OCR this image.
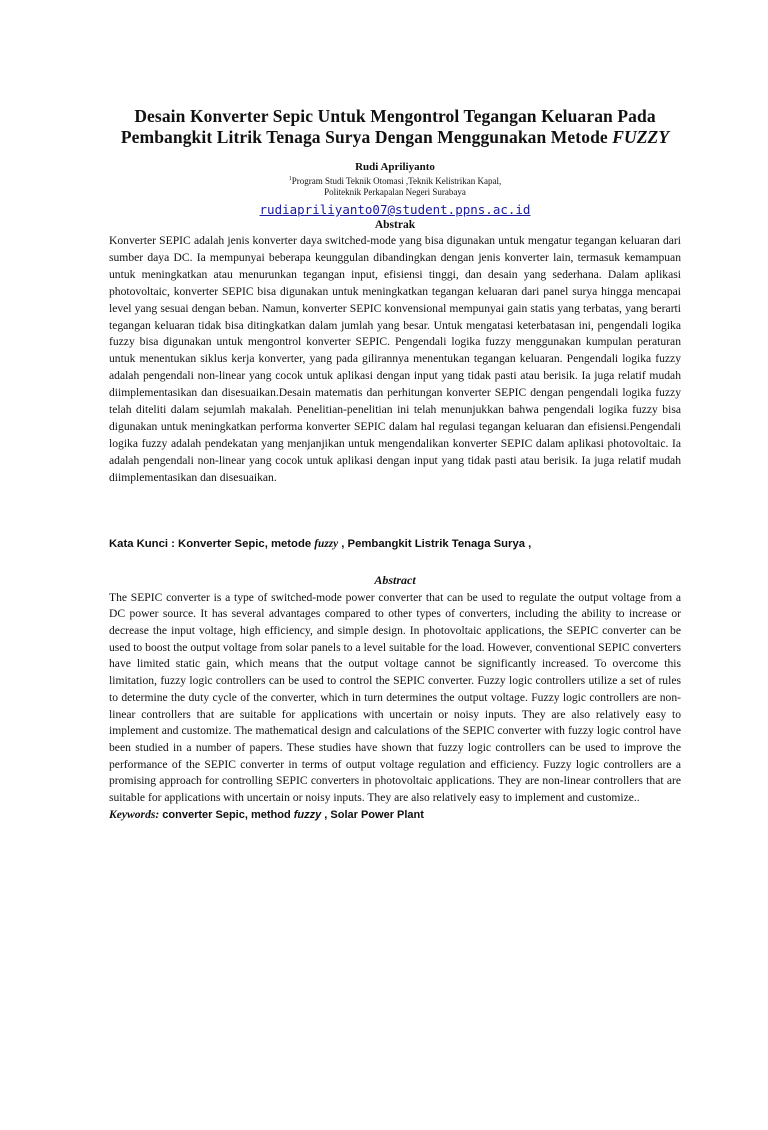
Desain Konverter Sepic Untuk Mengontrol Tegangan Keluaran Pada
Pembangkit Litrik Tenaga Surya Dengan Menggunakan Metode FUZZY
Rudi Apriliyanto
$^1$Program Studi Teknik Otomasi ,Teknik Kelistrikan Kapal,
Politeknik Perkapalan Negeri Surabaya
rudiapriliyanto07@student.ppns.ac.id
Abstrak

Konverter SEPIC adalah jenis konverter daya switched-mode yang bisa digunakan untuk mengatur tegangan keluaran dari sumber daya DC. Ia mempunyai beberapa keunggulan dibandingkan dengan jenis konverter lain, termasuk kemampuan untuk meningkatkan atau menurunkan tegangan input, efisiensi tinggi, dan desain yang sederhana. Dalam aplikasi photovoltaic, konverter SEPIC bisa digunakan untuk meningkatkan tegangan keluaran dari panel surya hingga mencapai level yang sesuai dengan beban. Namun, konverter SEPIC konvensional mempunyai gain statis yang terbatas, yang berarti tegangan keluaran tidak bisa ditingkatkan dalam jumlah yang besar. Untuk mengatasi keterbatasan ini, pengendali logika fuzzy bisa digunakan untuk mengontrol konverter SEPIC. Pengendali logika fuzzy menggunakan kumpulan peraturan untuk menentukan siklus kerja konverter, yang pada gilirannya menentukan tegangan keluaran. Pengendali logika fuzzy adalah pengendali non-linear yang cocok untuk aplikasi dengan input yang tidak pasti atau berisik. Ia juga relatif mudah diimplementasikan dan disesuaikan.Desain matematis dan perhitungan konverter SEPIC dengan pengendali logika fuzzy telah diteliti dalam sejumlah makalah. Penelitian-penelitian ini telah menunjukkan bahwa pengendali logika fuzzy bisa digunakan untuk meningkatkan performa konverter SEPIC dalam hal regulasi tegangan keluaran dan efisiensi.Pengendali logika fuzzy adalah pendekatan yang menjanjikan untuk mengendalikan konverter SEPIC dalam aplikasi photovoltaic. Ia adalah pengendali non-linear yang cocok untuk aplikasi dengan input yang tidak pasti atau berisik. Ia juga relatif mudah diimplementasikan dan disesuaikan.

Kata Kunci : Konverter Sepic, metode fuzzy , Pembangkit Listrik Tenaga Surya ,
Abstract

The SEPIC converter is a type of switched-mode power converter that can be used to regulate the output voltage from a DC power source. It has several advantages compared to other types of converters, including the ability to increase or decrease the input voltage, high efficiency, and simple design. In photovoltaic applications, the SEPIC converter can be used to boost the output voltage from solar panels to a level suitable for the load. However, conventional SEPIC converters have limited static gain, which means that the output voltage cannot be significantly increased. To overcome this limitation, fuzzy logic controllers can be used to control the SEPIC converter. Fuzzy logic controllers utilize a set of rules to determine the duty cycle of the converter, which in turn determines the output voltage. Fuzzy logic controllers are non-linear controllers that are suitable for applications with uncertain or noisy inputs. They are also relatively easy to implement and customize. The mathematical design and calculations of the SEPIC converter with fuzzy logic control have been studied in a number of papers. These studies have shown that fuzzy logic controllers can be used to improve the performance of the SEPIC converter in terms of output voltage regulation and efficiency. Fuzzy logic controllers are a promising approach for controlling SEPIC converters in photovoltaic applications. They are non-linear controllers that are suitable for applications with uncertain or noisy inputs. They are also relatively easy to implement and customize..

Keywords: converter Sepic, method fuzzy , Solar Power Plant
